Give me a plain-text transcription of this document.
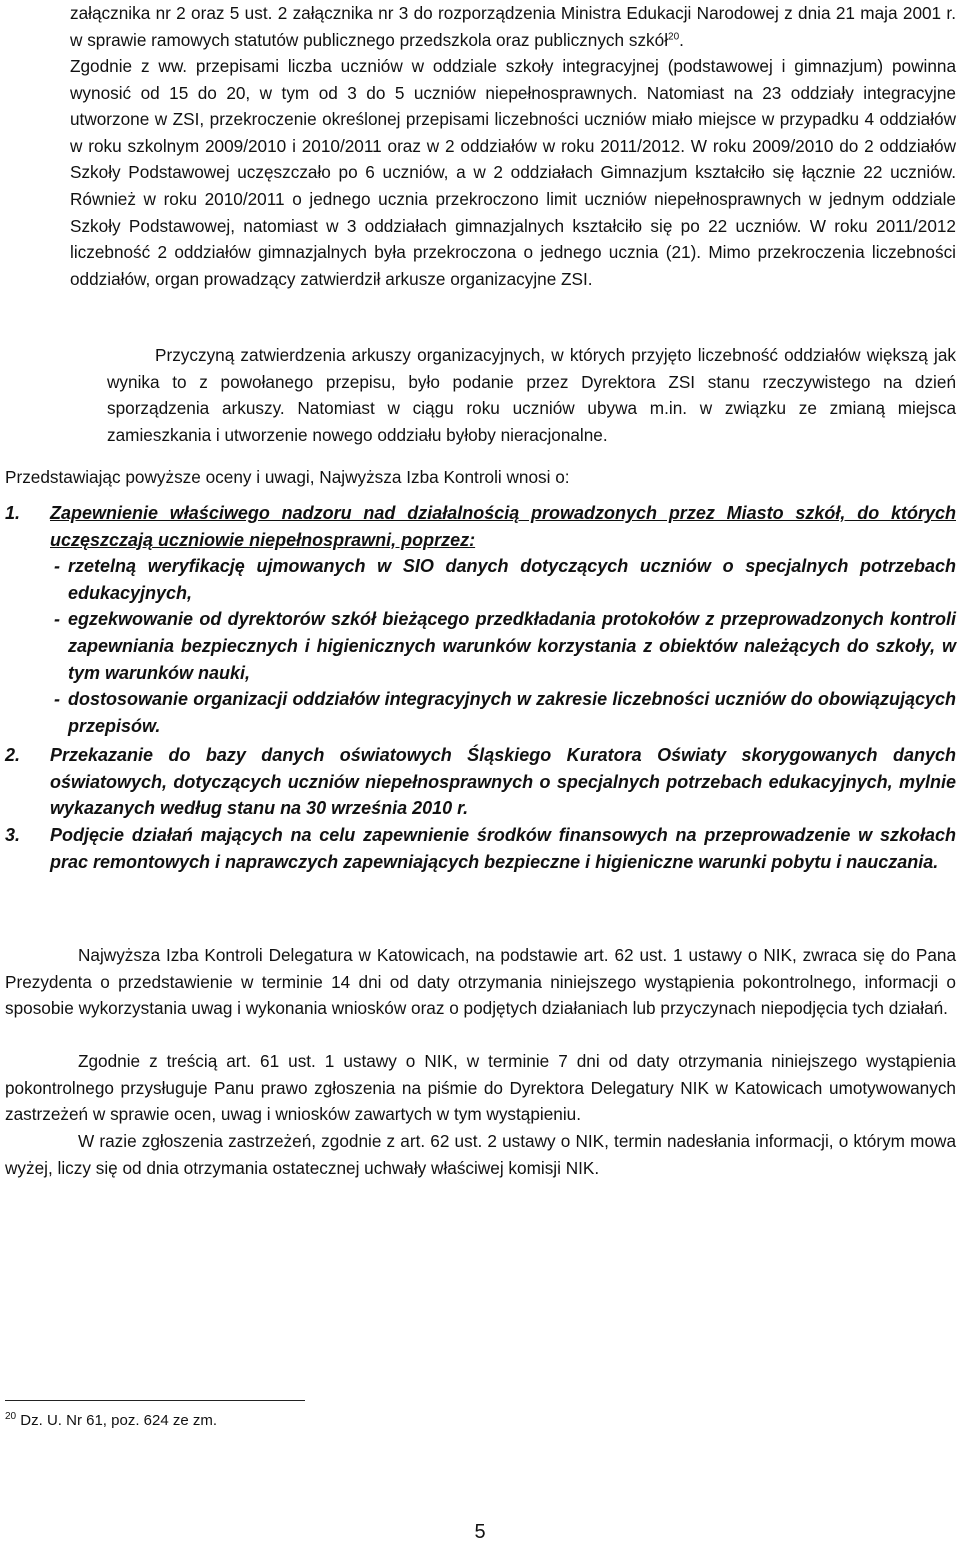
załącznika nr 2 oraz 5 ust. 2 załącznika nr 3 do rozporządzenia Ministra Edukacji Narodowej z dnia 21 maja 2001 r. w sprawie ramowych statutów publicznego przedszkola oraz publicznych szkół$^{20}$.
Zgodnie z ww. przepisami liczba uczniów w oddziale szkoły integracyjnej (podstawowej i gimnazjum) powinna wynosić od 15 do 20, w tym od 3 do 5 uczniów niepełnosprawnych. Natomiast na 23 oddziały integracyjne utworzone w ZSI, przekroczenie określonej przepisami liczebności uczniów miało miejsce w przypadku 4 oddziałów w roku szkolnym 2009/2010 i 2010/2011 oraz w 2 oddziałów w roku 2011/2012. W roku 2009/2010 do 2 oddziałów Szkoły Podstawowej uczęszczało po 6 uczniów, a w 2 oddziałach Gimnazjum kształciło się łącznie 22 uczniów. Również w roku 2010/2011 o jednego ucznia przekroczono limit uczniów niepełnosprawnych w jednym oddziale Szkoły Podstawowej, natomiast w 3 oddziałach gimnazjalnych kształciło się po 22 uczniów. W roku 2011/2012 liczebność 2 oddziałów gimnazjalnych była przekroczona o jednego ucznia (21). Mimo przekroczenia liczebności oddziałów, organ prowadzący zatwierdził arkusze organizacyjne ZSI.
Przyczyną zatwierdzenia arkuszy organizacyjnych, w których przyjęto liczebność oddziałów większą jak wynika to z powołanego przepisu, było podanie przez Dyrektora ZSI stanu rzeczywistego na dzień sporządzenia arkuszy. Natomiast w ciągu roku uczniów ubywa m.in. w związku ze zmianą miejsca zamieszkania i utworzenie nowego oddziału byłoby nieracjonalne.
Przedstawiając powyższe oceny i uwagi, Najwyższa Izba Kontroli wnosi o:
1. Zapewnienie właściwego nadzoru nad działalnością prowadzonych przez Miasto szkół, do których uczęszczają uczniowie niepełnosprawni, poprzez:
- rzetelną weryfikację ujmowanych w SIO danych dotyczących uczniów o specjalnych potrzebach edukacyjnych,
- egzekwowanie od dyrektorów szkół bieżącego przedkładania protokołów z przeprowadzonych kontroli zapewniania bezpiecznych i higienicznych warunków korzystania z obiektów należących do szkoły, w tym warunków nauki,
- dostosowanie organizacji oddziałów integracyjnych w zakresie liczebności uczniów do obowiązujących przepisów.
2. Przekazanie do bazy danych oświatowych Śląskiego Kuratora Oświaty skorygowanych danych oświatowych, dotyczących uczniów niepełnosprawnych o specjalnych potrzebach edukacyjnych, mylnie wykazanych według stanu na 30 września 2010 r.
3. Podjęcie działań mających na celu zapewnienie środków finansowych na przeprowadzenie w szkołach prac remontowych i naprawczych zapewniających bezpieczne i higieniczne warunki pobytu i nauczania.
Najwyższa Izba Kontroli Delegatura w Katowicach, na podstawie art. 62 ust. 1 ustawy o NIK, zwraca się do Pana Prezydenta o przedstawienie w terminie 14 dni od daty otrzymania niniejszego wystąpienia pokontrolnego, informacji o sposobie wykorzystania uwag i wykonania wniosków oraz o podjętych działaniach lub przyczynach niepodjęcia tych działań.
Zgodnie z treścią art. 61 ust. 1 ustawy o NIK, w terminie 7 dni od daty otrzymania niniejszego wystąpienia pokontrolnego przysługuje Panu prawo zgłoszenia na piśmie do Dyrektora Delegatury NIK w Katowicach umotywowanych zastrzeżeń w sprawie ocen, uwag i wniosków zawartych w tym wystąpieniu.
W razie zgłoszenia zastrzeżeń, zgodnie z art. 62 ust. 2 ustawy o NIK, termin nadesłania informacji, o którym mowa wyżej, liczy się od dnia otrzymania ostatecznej uchwały właściwej komisji NIK.
$^{20}$ Dz. U. Nr 61, poz. 624 ze zm.
5
